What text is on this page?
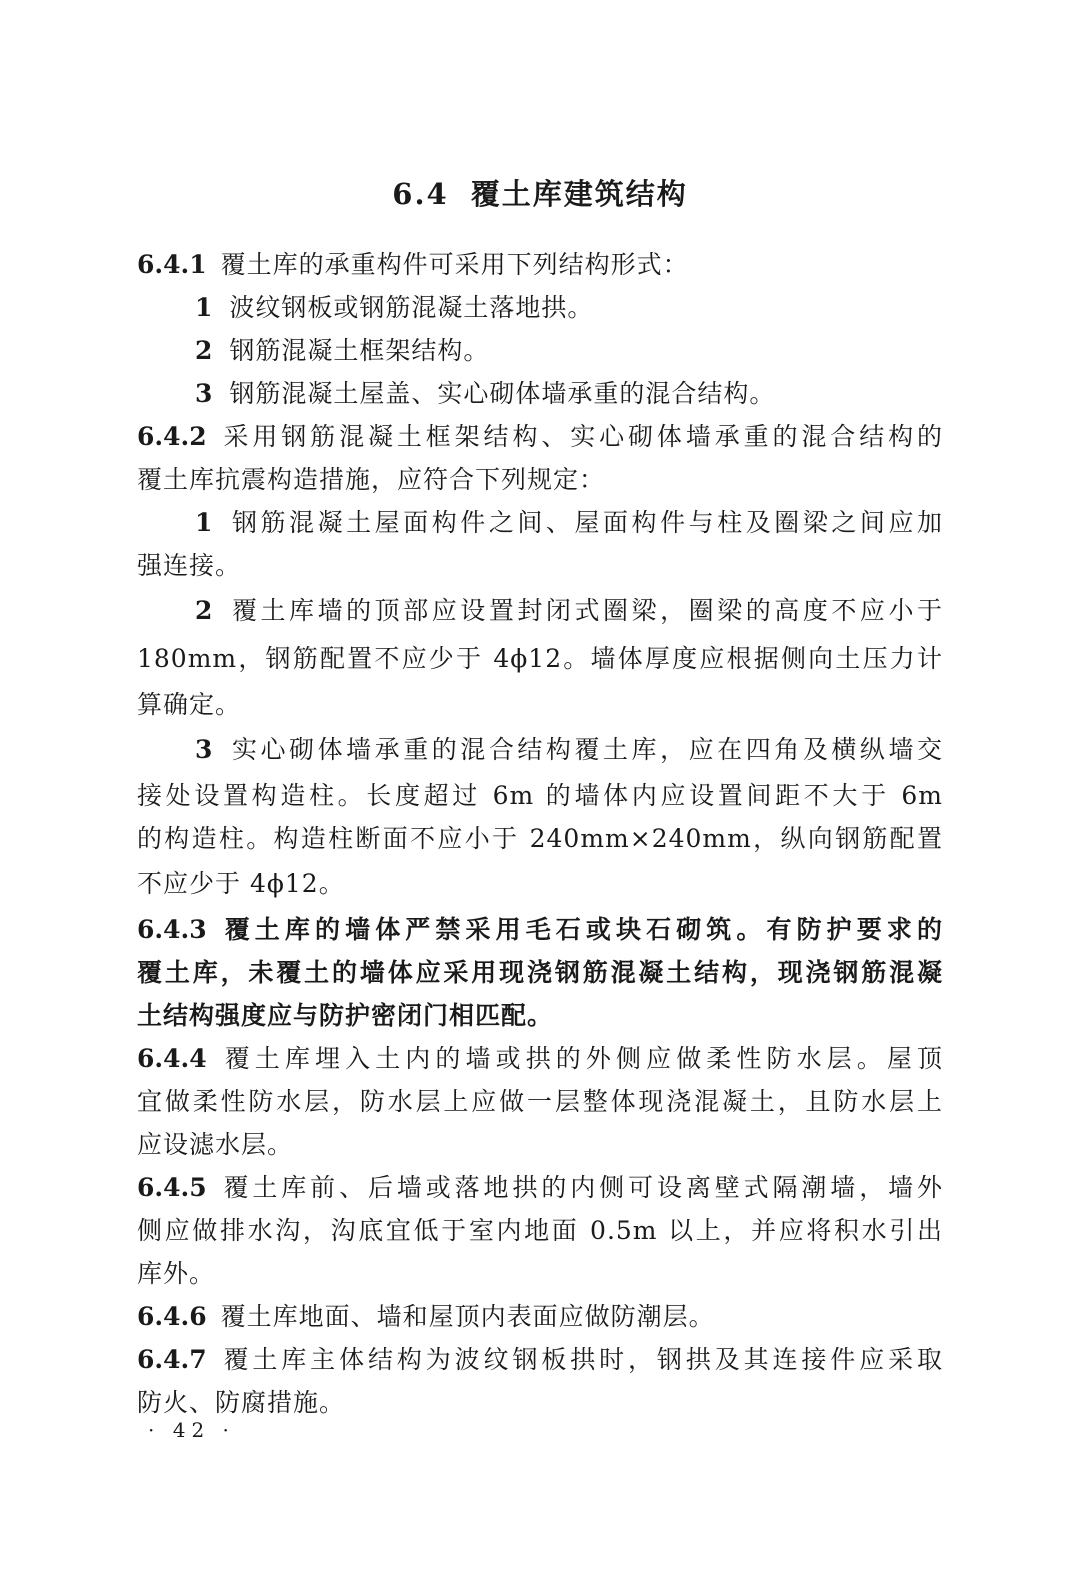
6.4 覆土库建筑结构
6.4.1 覆土库的承重构件可采用下列结构形式：
1 波纹钢板或钢筋混凝土落地拱。
2 钢筋混凝土框架结构。
3 钢筋混凝土屋盖、实心砌体墙承重的混合结构。
6.4.2 采用钢筋混凝土框架结构、实心砌体墙承重的混合结构的
覆土库抗震构造措施，应符合下列规定：
1 钢筋混凝土屋面构件之间、屋面构件与柱及圈梁之间应加
强连接。
2 覆土库墙的顶部应设置封闭式圈梁，圈梁的高度不应小于
180mm，钢筋配置不应少于 4ϕ12。墙体厚度应根据侧向土压力计
算确定。
3 实心砌体墙承重的混合结构覆土库，应在四角及横纵墙交
接处设置构造柱。长度超过 6m 的墙体内应设置间距不大于 6m
的构造柱。构造柱断面不应小于 240mm×240mm，纵向钢筋配置
不应少于 4ϕ12。
6.4.3 覆土库的墙体严禁采用毛石或块石砌筑。有防护要求的
覆土库，未覆土的墙体应采用现浇钢筋混凝土结构，现浇钢筋混凝
土结构强度应与防护密闭门相匹配。
6.4.4 覆土库埋入土内的墙或拱的外侧应做柔性防水层。屋顶
宜做柔性防水层，防水层上应做一层整体现浇混凝土，且防水层上
应设滤水层。
6.4.5 覆土库前、后墙或落地拱的内侧可设离壁式隔潮墙，墙外
侧应做排水沟，沟底宜低于室内地面 0.5m 以上，并应将积水引出
库外。
6.4.6 覆土库地面、墙和屋顶内表面应做防潮层。
6.4.7 覆土库主体结构为波纹钢板拱时，钢拱及其连接件应采取
防火、防腐措施。
· 42 ·
